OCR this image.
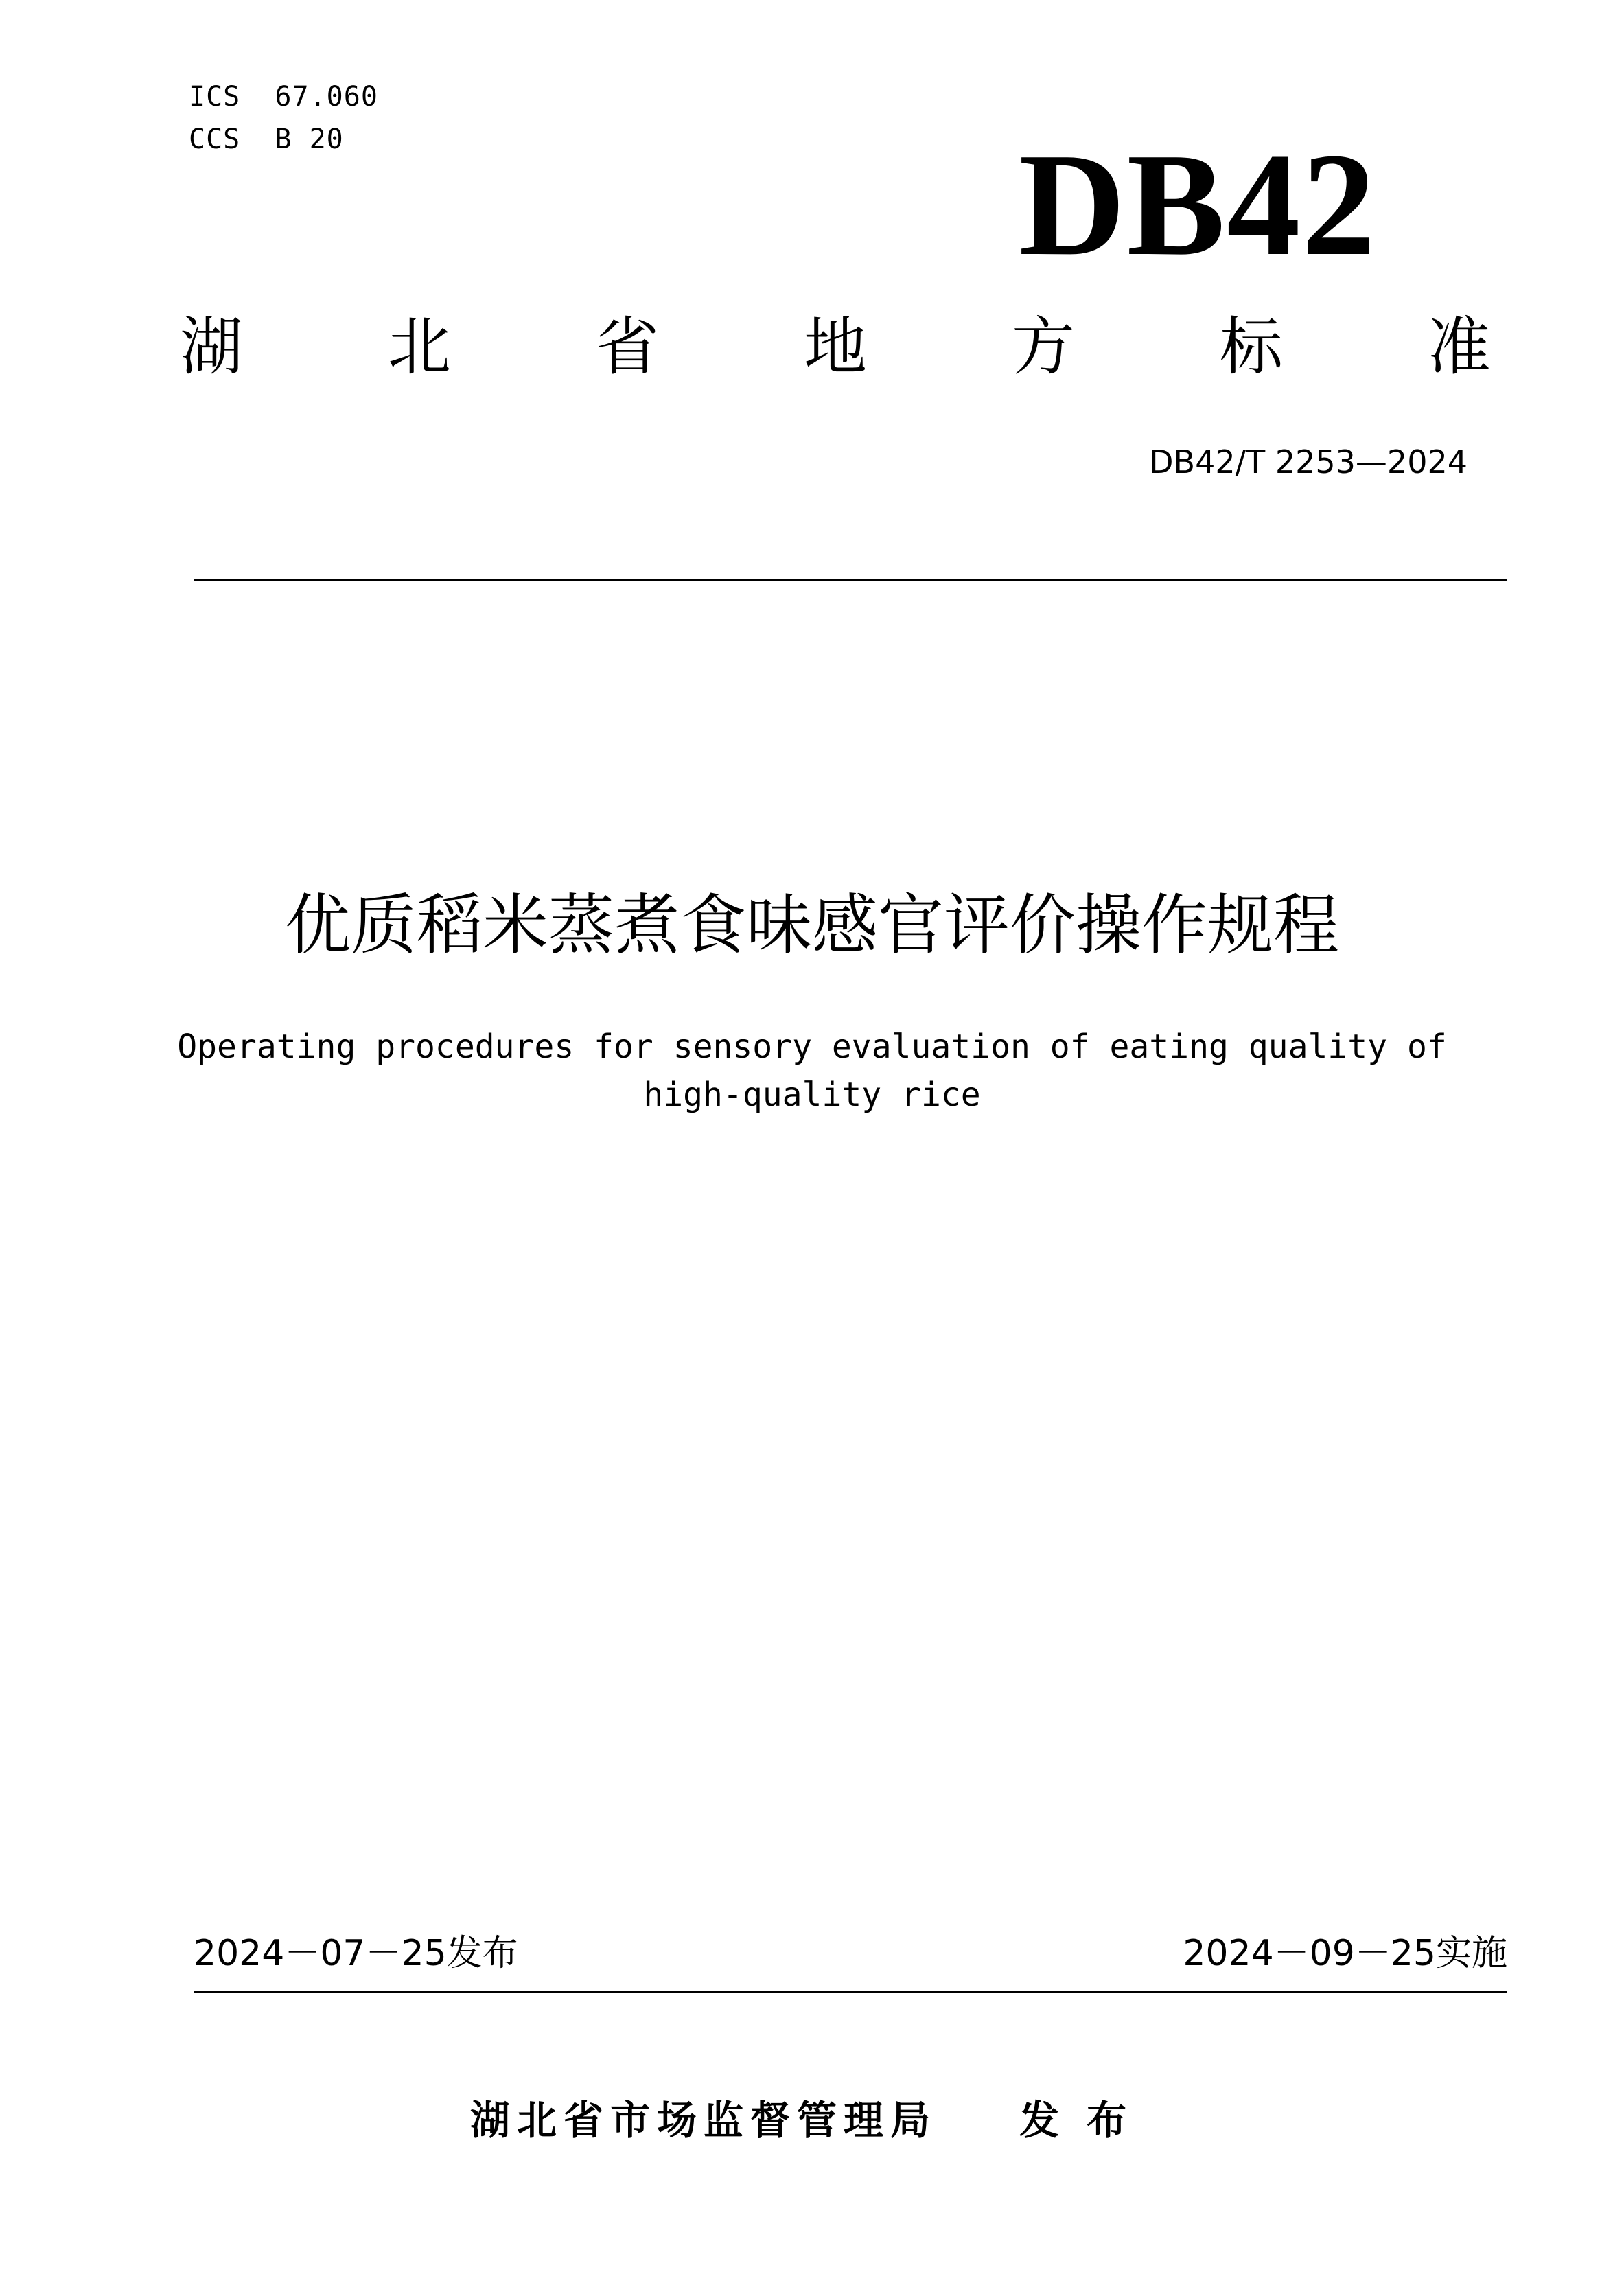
ICS  67.060
CCS  B 20	DB42
湖 北 省 地 方 标 准
DB42/T 2253—2024
优质稻米蒸煮食味感官评价操作规程
Operating procedures for sensory evaluation of eating quality of
high-quality rice
2024－07－25发布	2024－09－25实施
湖北省市场监督管理局 发布
